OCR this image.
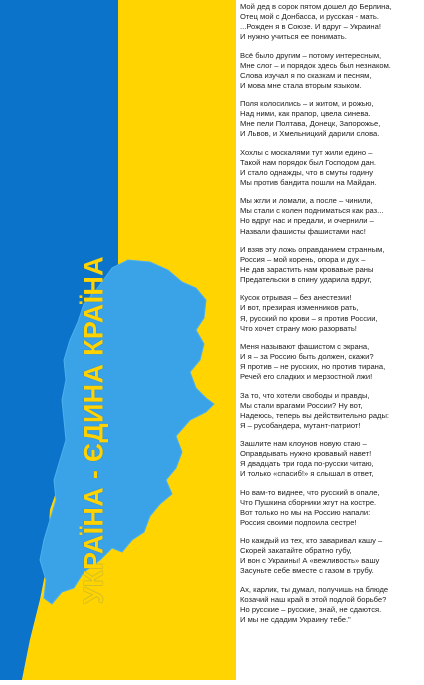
УКРАЇНА - ЄДИНА КРАЇНА
Мой дед в сорок пятом дошел до Берлина,
Отец мой с Донбасса, и русская - мать.
...Рожден я в Союзе. И вдруг – Украина!
И нужно учиться ее понимать.
Всё было другим – потому интересным,
Мне слог – и порядок здесь был незнаком.
Слова изучал я по сказкам и песням,
И мова мне стала вторым языком.
Поля колосились – и житом, и рожью,
Над ними, как прапор, цвела синева.
Мне пели Полтава, Донецк, Запорожье,
И Львов, и Хмельницкий дарили слова.
Хохлы с москалями тут жили едино –
Такой нам порядок был Господом дан.
И стало однажды, что в смуты годину
Мы против бандита пошли на Майдан.
Мы жгли и ломали, а после – чинили,
Мы стали с колен подниматься как раз...
Но вдруг нас и предали, и очернили –
Назвали фашисты фашистами нас!
И взяв эту ложь оправданием странным,
Россия – мой корень, опора и дух –
Не дав зарастить нам кровавые раны
Предательски в спину ударила вдруг,
Кусок отрывая – без анестезии!
И вот, презирая изменников рать,
Я, русский по крови – я против России,
Что хочет страну мою разорвать!
Меня называют фашистом с экрана,
И я – за Россию быть должен, скажи?
Я против – не русских, но против тирана,
Речей его сладких и мерзостной лжи!
За то, что хотели свободы и правды,
Мы стали врагами России? Ну вот,
Надеюсь, теперь вы действительно рады:
Я – русобандера, мутант-патриот!
Зашлите нам клоунов новую стаю –
Оправдывать нужно кровавый навет!
Я двадцать три года по-русски читаю,
И только «спасиб!» я слышал в ответ,
Но вам-то виднее, что русский в опале,
Что Пушкина сборники жгут на костре.
Вот только но мы на Россию напали:
Россия своими подпоила сестре!
Но каждый из тех, кто заваривал кашу –
Скорей закатайте обратно губу,
И вон с Украины! А «вежливость» вашу
Засуньте себе вместе с газом в трубу.
Ах, карлик, ты думал, получишь на блюде
Козачий наш край в этой подлой борьбе?
Но русские – русские, знай, не сдаются.
И мы не сдадим Украину тебе."
